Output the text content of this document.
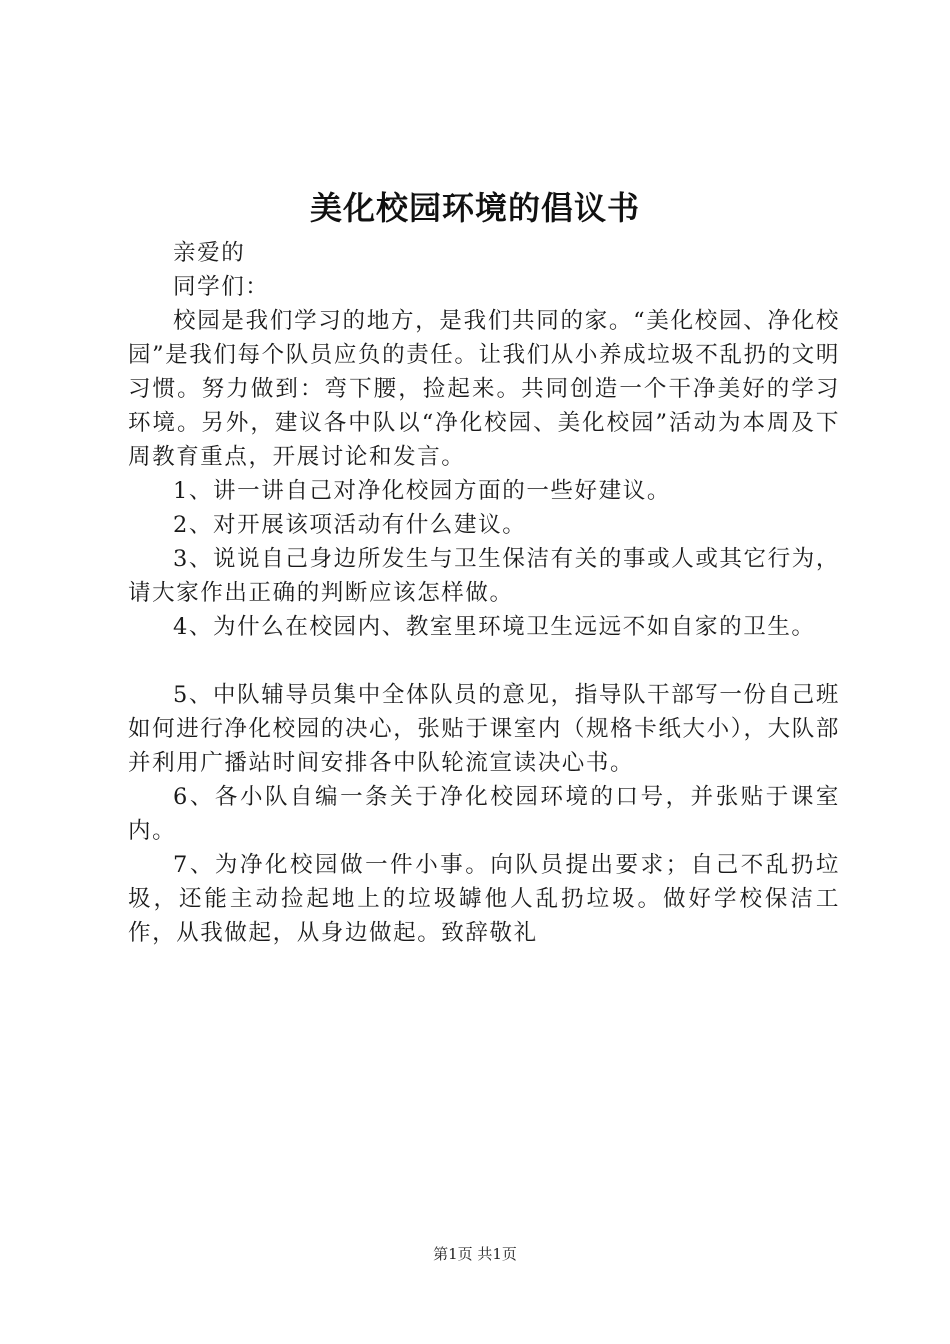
美化校园环境的倡议书

亲爱的

同学们：

校园是我们学习的地方，是我们共同的家。“美化校园、净化校园”是我们每个队员应负的责任。让我们从小养成垃圾不乱扔的文明习惯。努力做到：弯下腰，捡起来。共同创造一个干净美好的学习环境。另外，建议各中队以“净化校园、美化校园”活动为本周及下周教育重点，开展讨论和发言。

1、讲一讲自己对净化校园方面的一些好建议。

2、对开展该项活动有什么建议。

3、说说自己身边所发生与卫生保洁有关的事或人或其它行为，请大家作出正确的判断应该怎样做。

4、为什么在校园内、教室里环境卫生远远不如自家的卫生。

5、中队辅导员集中全体队员的意见，指导队干部写一份自己班如何进行净化校园的决心，张贴于课室内（规格卡纸大小），大队部并利用广播站时间安排各中队轮流宣读决心书。

6、各小队自编一条关于净化校园环境的口号，并张贴于课室内。

7、为净化校园做一件小事。向队员提出要求；自己不乱扔垃圾，还能主动捡起地上的垃圾罅他人乱扔垃圾。做好学校保洁工作，从我做起，从身边做起。致辞敬礼

第1页 共1页
